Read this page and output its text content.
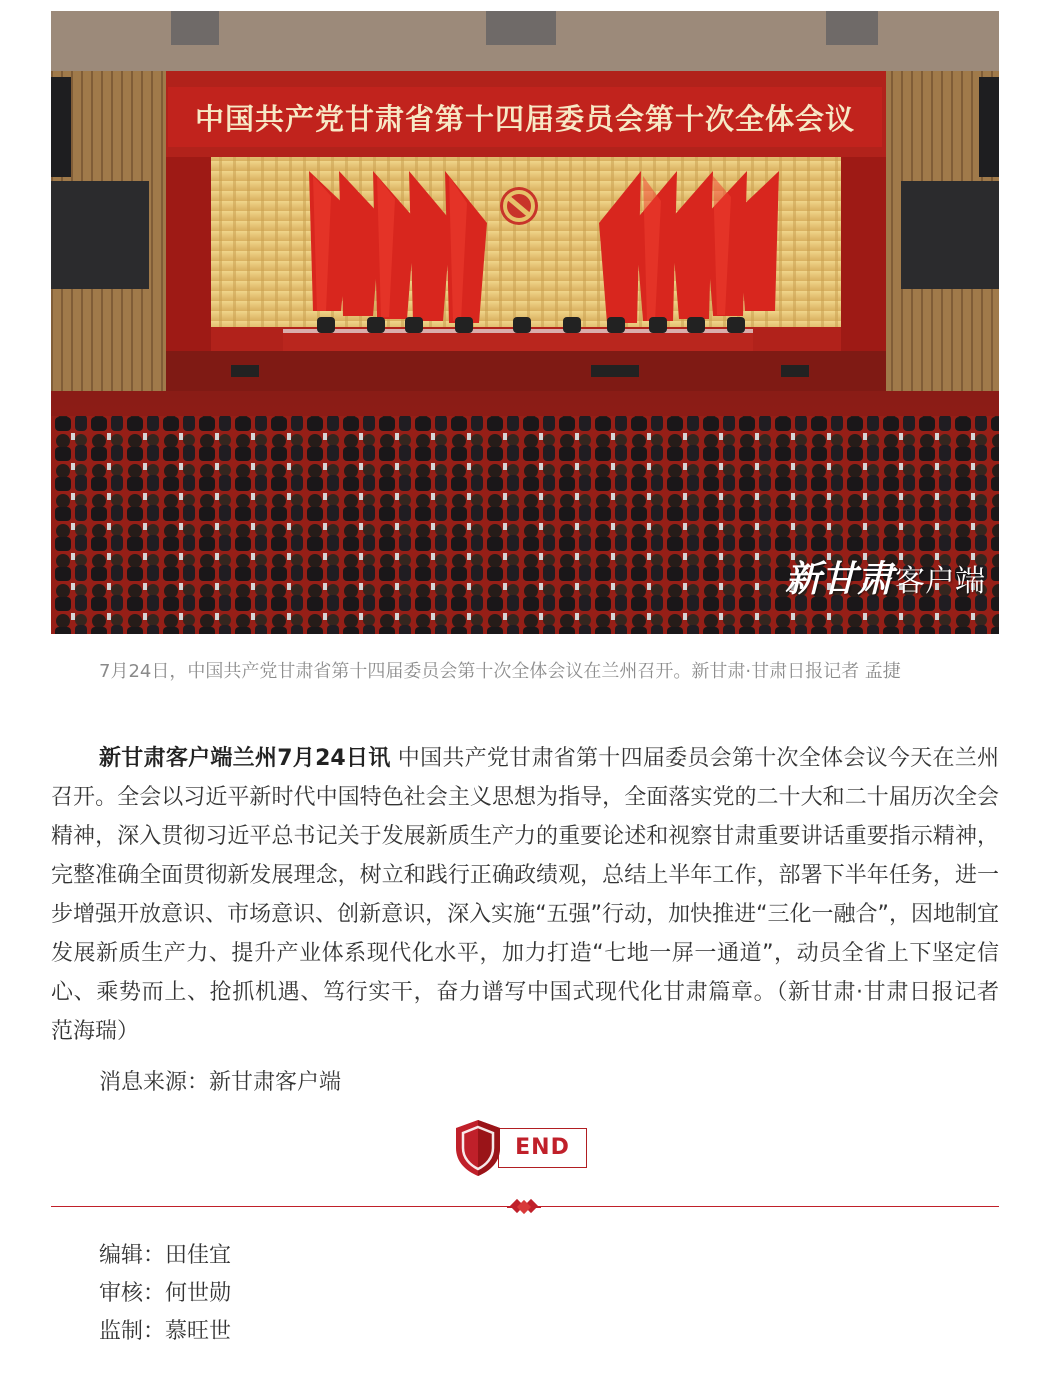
中国共产党甘肃省第十四届委员会第十次全体会议
新甘肃客户端
7月24日，中国共产党甘肃省第十四届委员会第十次全体会议在兰州召开。新甘肃·甘肃日报记者 孟捷
新甘肃客户端兰州7月24日讯 中国共产党甘肃省第十四届委员会第十次全体会议今天在兰州召开。全会以习近平新时代中国特色社会主义思想为指导，全面落实党的二十大和二十届历次全会精神，深入贯彻习近平总书记关于发展新质生产力的重要论述和视察甘肃重要讲话重要指示精神，完整准确全面贯彻新发展理念，树立和践行正确政绩观，总结上半年工作，部署下半年任务，进一步增强开放意识、市场意识、创新意识，深入实施“五强”行动，加快推进“三化一融合”，因地制宜发展新质生产力、提升产业体系现代化水平，加力打造“七地一屏一通道”，动员全省上下坚定信心、乘势而上、抢抓机遇、笃行实干，奋力谱写中国式现代化甘肃篇章。（新甘肃·甘肃日报记者 范海瑞）
消息来源：新甘肃客户端
END
编辑：田佳宜
审核：何世勋
监制：慕旺世
